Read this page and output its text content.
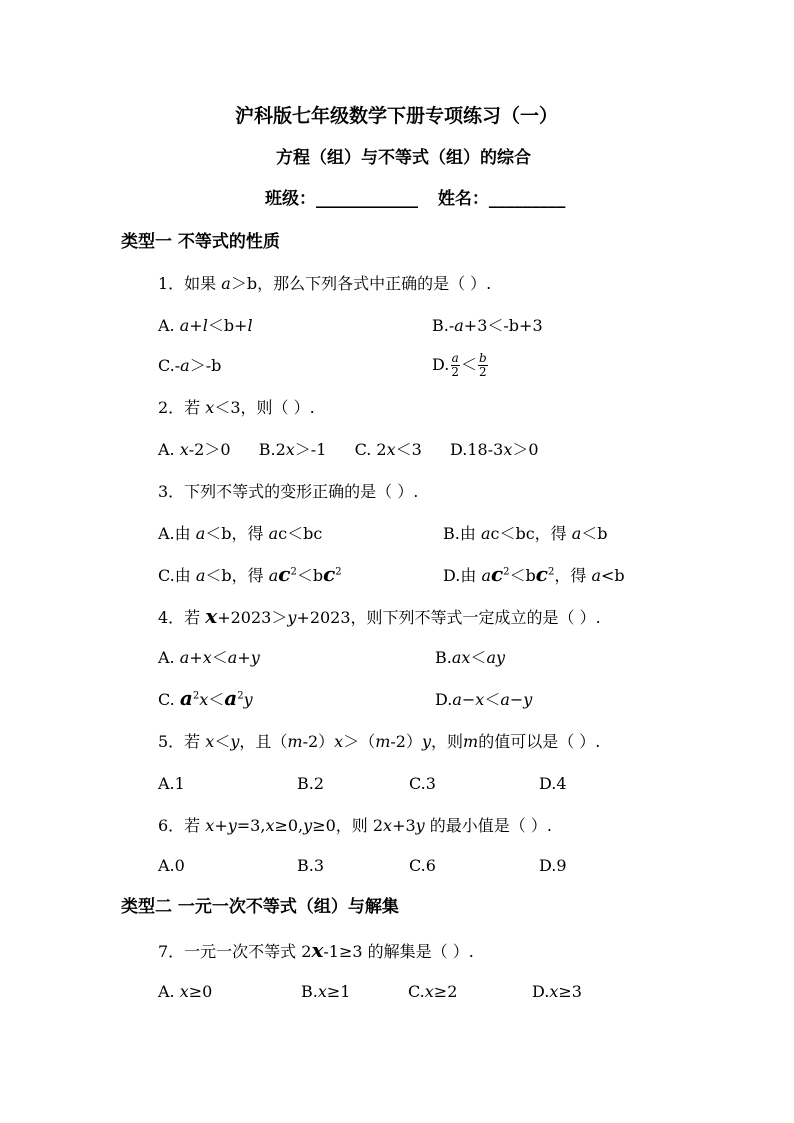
沪科版七年级数学下册专项练习（一）
方程（组）与不等式（组）的综合
班级：____________ 姓名：_________
类型一 不等式的性质
1．如果 a＞b，那么下列各式中正确的是（ ）.
A. a+l＜b+l	B.-a+3＜-b+3
C.-a＞-b	D. $\frac{a}{2} < \frac{b}{2}$
2．若 x＜3，则（ ）.
A. x-2＞0 B.2x＞-1 C. 2x＜3 D.18-3x＞0
3．下列不等式的变形正确的是（ ）.
A.由 a＜b，得 ac＜bc	B.由 ac＜bc，得 a＜b
C.由 a＜b，得 $ac^2<bc^2$	D.由 $ac^2<bc^2$，得 a<b
4．若 x+2023＞y+2023，则下列不等式一定成立的是（ ）.
A. a+x＜a+y	B.ax＜ay
C. $a^2x<a^2y$	D.a−x＜a−y
5．若 x＜y，且（m-2）x＞（m-2）y，则m的值可以是（ ）.
A.1	B.2	C.3	D.4
6．若 x+y=3,x≥0,y≥0，则 2x+3y 的最小值是（ ）.
A.0	B.3	C.6	D.9
类型二 一元一次不等式（组）与解集
7．一元一次不等式 2x-1≥3 的解集是（ ）.
A. x≥0	B.x≥1	C.x≥2	D.x≥3
